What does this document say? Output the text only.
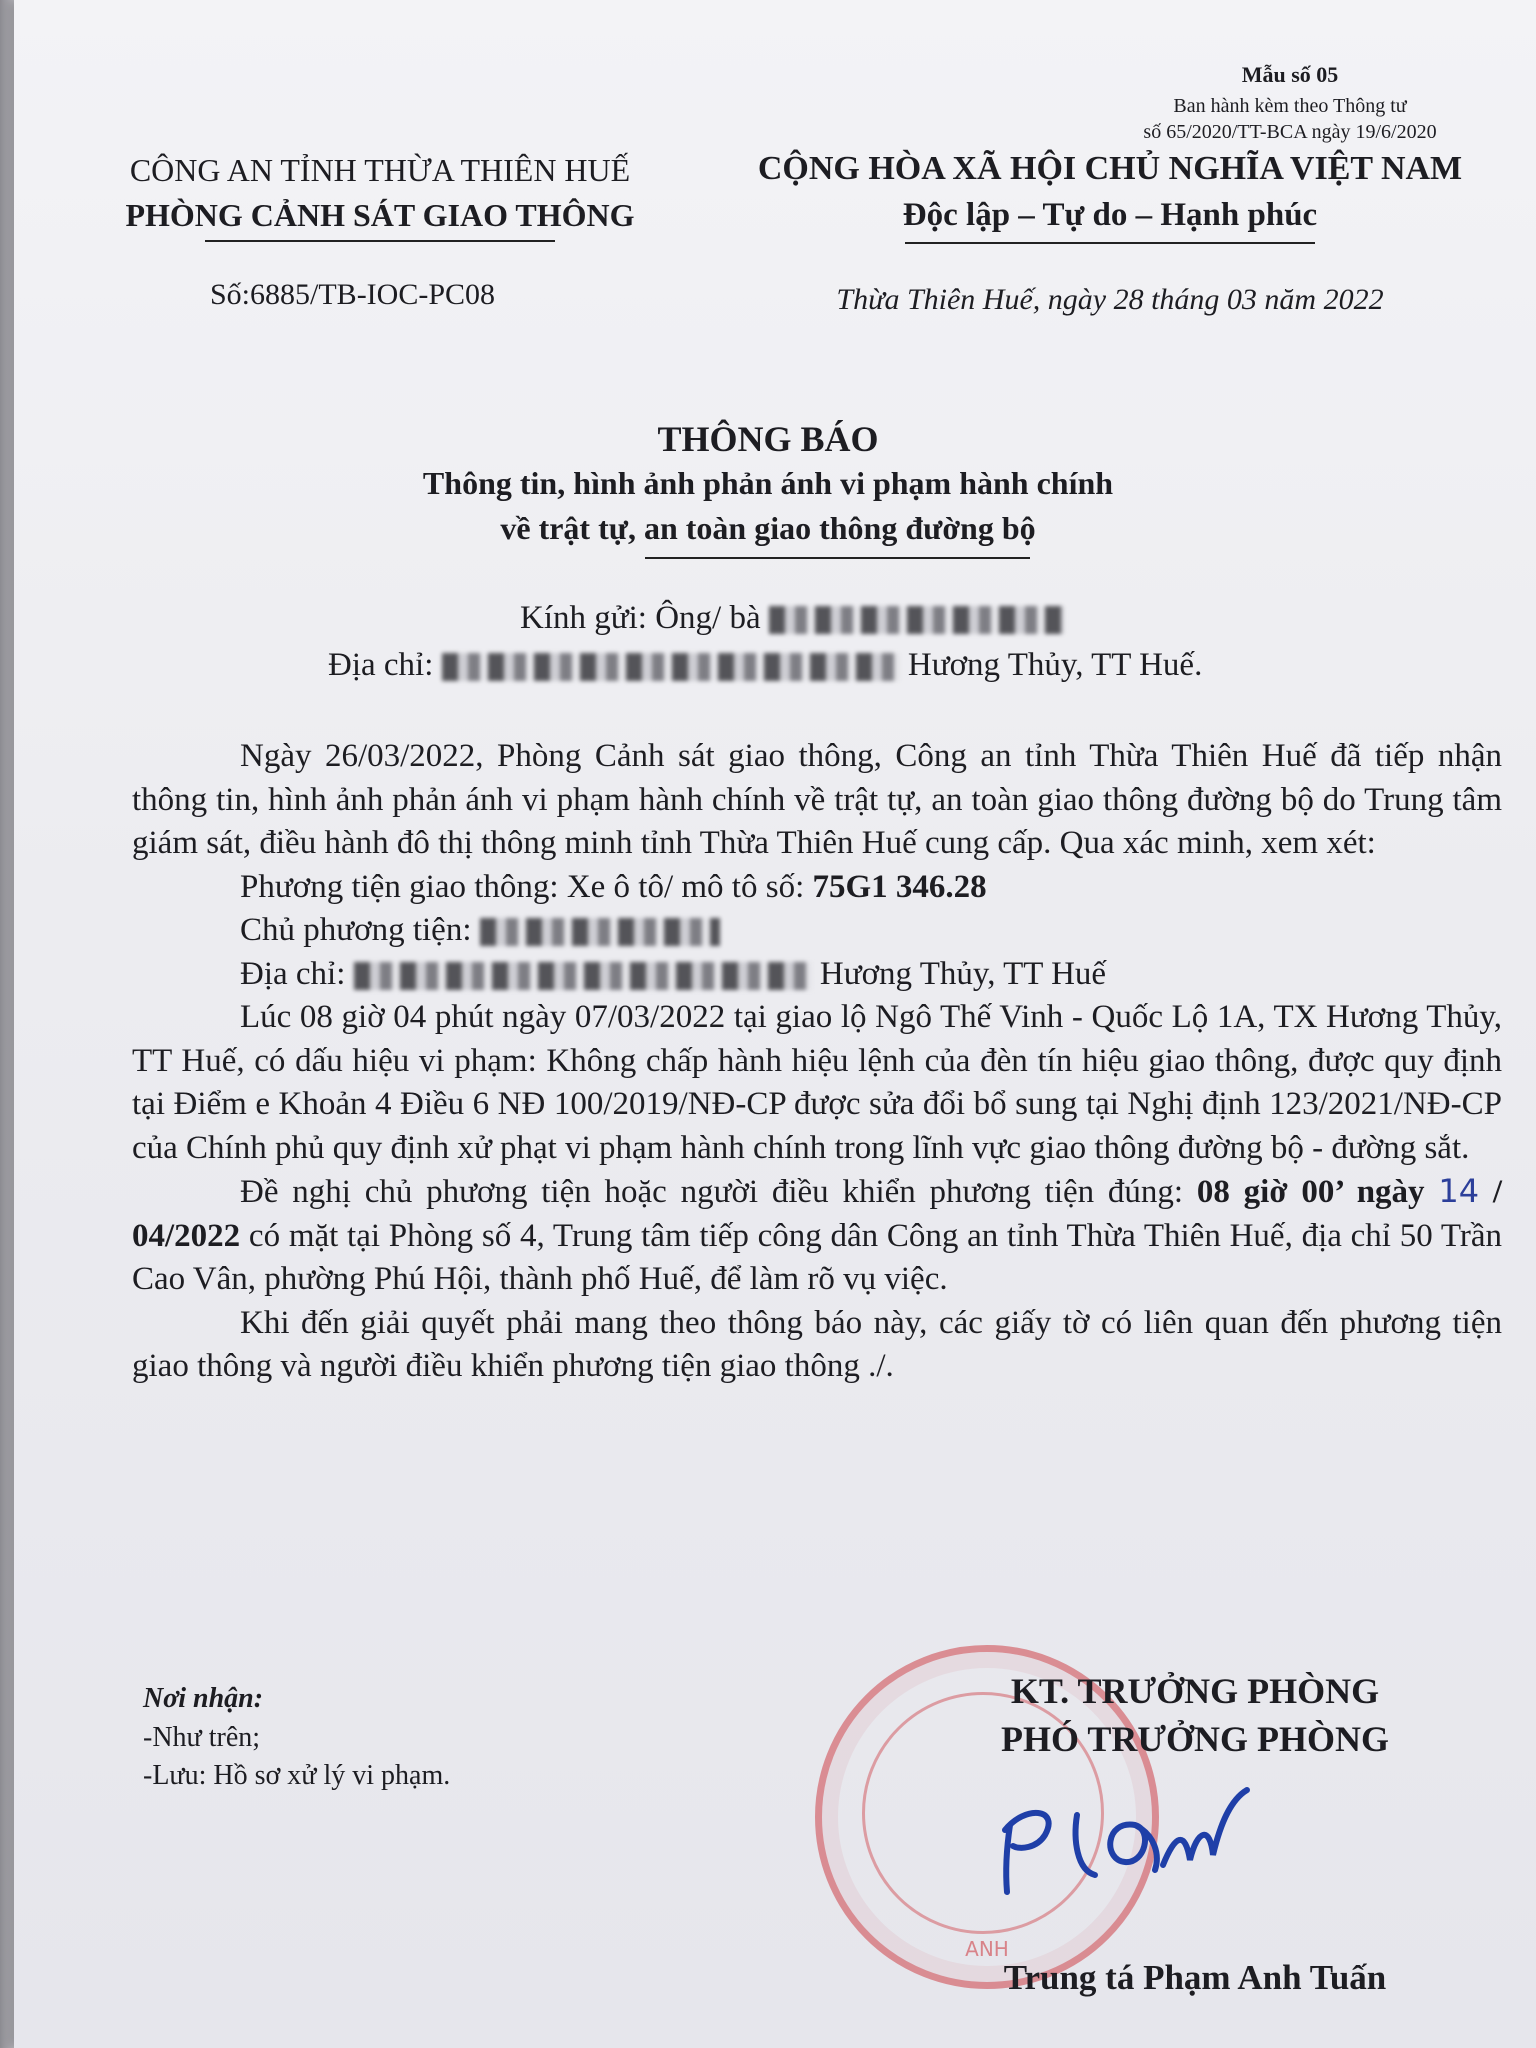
Mẫu số 05
Ban hành kèm theo Thông tư
số 65/2020/TT-BCA ngày 19/6/2020
CÔNG AN TỈNH THỪA THIÊN HUẾ
PHÒNG CẢNH SÁT GIAO THÔNG
CỘNG HÒA XÃ HỘI CHỦ NGHĨA VIỆT NAM
Độc lập – Tự do – Hạnh phúc
Số:6885/TB-IOC-PC08	Thừa Thiên Huế, ngày 28 tháng 03 năm 2022
THÔNG BÁO
Thông tin, hình ảnh phản ánh vi phạm hành chính
về trật tự, an toàn giao thông đường bộ
Kính gửi: Ông/ bà
Địa chỉ:	Hương Thủy, TT Huế.

Ngày 26/03/2022, Phòng Cảnh sát giao thông, Công an tỉnh Thừa Thiên Huế đã tiếp nhận thông tin, hình ảnh phản ánh vi phạm hành chính về trật tự, an toàn giao thông đường bộ do Trung tâm giám sát, điều hành đô thị thông minh tỉnh Thừa Thiên Huế cung cấp. Qua xác minh, xem xét:

Phương tiện giao thông: Xe ô tô/ mô tô số: 75G1 346.28

Chủ phương tiện:

Địa chỉ:	Hương Thủy, TT Huế

Lúc 08 giờ 04 phút ngày 07/03/2022 tại giao lộ Ngô Thế Vinh - Quốc Lộ 1A, TX Hương Thủy, TT Huế, có dấu hiệu vi phạm: Không chấp hành hiệu lệnh của đèn tín hiệu giao thông, được quy định tại Điểm e Khoản 4 Điều 6 NĐ 100/2019/NĐ-CP được sửa đổi bổ sung tại Nghị định 123/2021/NĐ-CP của Chính phủ quy định xử phạt vi phạm hành chính trong lĩnh vực giao thông đường bộ - đường sắt.

Đề nghị chủ phương tiện hoặc người điều khiển phương tiện đúng: 08 giờ 00’ ngày 14 / 04/2022 có mặt tại Phòng số 4, Trung tâm tiếp công dân Công an tỉnh Thừa Thiên Huế, địa chỉ 50 Trần Cao Vân, phường Phú Hội, thành phố Huế, để làm rõ vụ việc.

Khi đến giải quyết phải mang theo thông báo này, các giấy tờ có liên quan đến phương tiện giao thông và người điều khiển phương tiện giao thông ./.

Nơi nhận:
-Như trên;
-Lưu: Hồ sơ xử lý vi phạm.
ANH
KT. TRƯỞNG PHÒNG
PHÓ TRƯỞNG PHÒNG
Trung tá Phạm Anh Tuấn
